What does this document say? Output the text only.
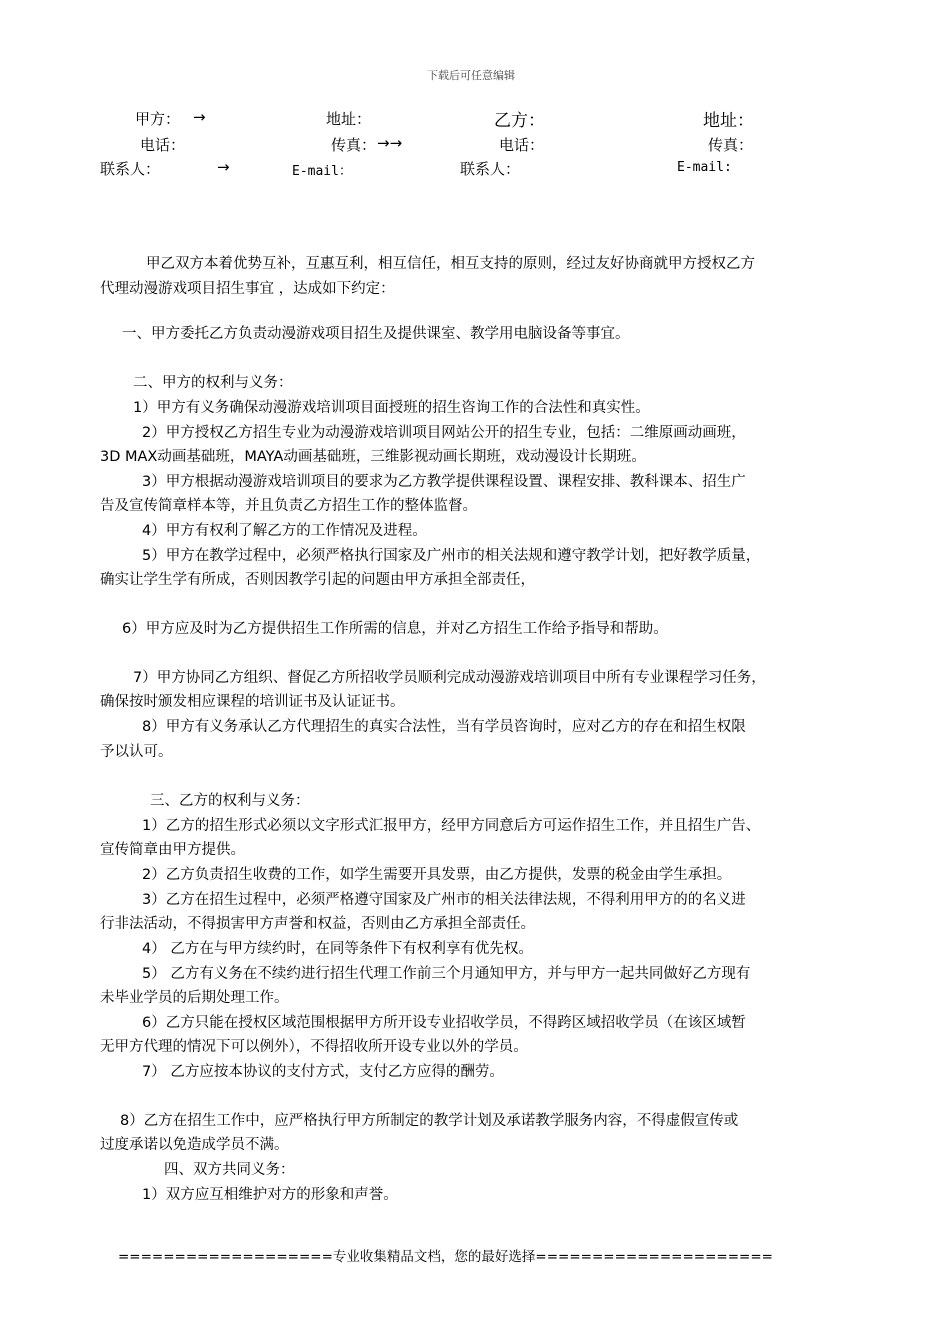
下载后可任意编辑
甲方： →	地址：	乙方：	地址：
电话：	传真： →→	电话：	传真：
联系人：	→	E-mail：	联系人：	E-mail:
甲乙双方本着优势互补，互惠互利，相互信任，相互支持的原则，经过友好协商就甲方授权乙方
代理动漫游戏项目招生事宜 ，达成如下约定：
一、甲方委托乙方负责动漫游戏项目招生及提供课室、教学用电脑设备等事宜。
二、甲方的权利与义务：
1）甲方有义务确保动漫游戏培训项目面授班的招生咨询工作的合法性和真实性。
2）甲方授权乙方招生专业为动漫游戏培训项目网站公开的招生专业，包括：二维原画动画班，
3D MAX动画基础班，MAYA动画基础班，三维影视动画长期班，戏动漫设计长期班。
3）甲方根据动漫游戏培训项目的要求为乙方教学提供课程设置、课程安排、教科课本、招生广
告及宣传简章样本等，并且负责乙方招生工作的整体监督。
4）甲方有权利了解乙方的工作情况及进程。
5）甲方在教学过程中，必须严格执行国家及广州市的相关法规和遵守教学计划，把好教学质量，
确实让学生学有所成，否则因教学引起的问题由甲方承担全部责任，
6）甲方应及时为乙方提供招生工作所需的信息，并对乙方招生工作给予指导和帮助。
7）甲方协同乙方组织、督促乙方所招收学员顺利完成动漫游戏培训项目中所有专业课程学习任务，
确保按时颁发相应课程的培训证书及认证证书。
8）甲方有义务承认乙方代理招生的真实合法性，当有学员咨询时，应对乙方的存在和招生权限
予以认可。
三、乙方的权利与义务：
1）乙方的招生形式必须以文字形式汇报甲方，经甲方同意后方可运作招生工作，并且招生广告、
宣传简章由甲方提供。
2）乙方负责招生收费的工作，如学生需要开具发票，由乙方提供，发票的税金由学生承担。
3）乙方在招生过程中，必须严格遵守国家及广州市的相关法律法规，不得利用甲方的的名义进
行非法活动，不得损害甲方声誉和权益，否则由乙方承担全部责任。
4） 乙方在与甲方续约时，在同等条件下有权利享有优先权。
5） 乙方有义务在不续约进行招生代理工作前三个月通知甲方，并与甲方一起共同做好乙方现有
未毕业学员的后期处理工作。
6）乙方只能在授权区域范围根据甲方所开设专业招收学员，不得跨区域招收学员（在该区域暂
无甲方代理的情况下可以例外），不得招收所开设专业以外的学员。
7） 乙方应按本协议的支付方式，支付乙方应得的酬劳。
8）乙方在招生工作中，应严格执行甲方所制定的教学计划及承诺教学服务内容，不得虚假宣传或
过度承诺以免造成学员不满。
四、双方共同义务：
1）双方应互相维护对方的形象和声誉。
===================专业收集精品文档，您的最好选择=====================
